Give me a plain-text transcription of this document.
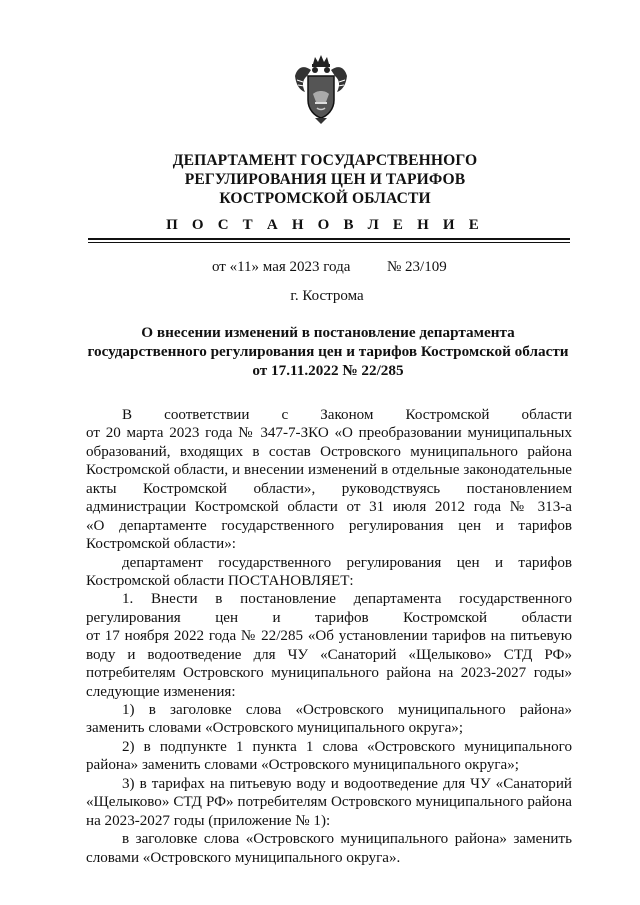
ДЕПАРТАМЕНТ ГОСУДАРСТВЕННОГО
РЕГУЛИРОВАНИЯ ЦЕН И ТАРИФОВ
КОСТРОМСКОЙ ОБЛАСТИ
П О С Т А Н О В Л Е Н И Е
от «11» мая 2023 года № 23/109
г. Кострома
О внесении изменений в постановление департамента
государственного регулирования цен и тарифов Костромской области
от 17.11.2022 № 22/285
В соответствии с Законом Костромской области
от 20 марта 2023 года № 347-7-ЗКО «О преобразовании муниципальных
образований, входящих в состав Островского муниципального района
Костромской области, и внесении изменений в отдельные законодательные
акты Костромской области», руководствуясь постановлением
администрации Костромской области от 31 июля 2012 года № 313-а
«О департаменте государственного регулирования цен и тарифов
Костромской области»:
департамент государственного регулирования цен и тарифов
Костромской области ПОСТАНОВЛЯЕТ:
1. Внести в постановление департамента государственного
регулирования цен и тарифов Костромской области
от 17 ноября 2022 года № 22/285 «Об установлении тарифов на питьевую
воду и водоотведение для ЧУ «Санаторий «Щелыково» СТД РФ»
потребителям Островского муниципального района на 2023-2027 годы»
следующие изменения:
1) в заголовке слова «Островского муниципального района»
заменить словами «Островского муниципального округа»;
2) в подпункте 1 пункта 1 слова «Островского муниципального
района» заменить словами «Островского муниципального округа»;
3) в тарифах на питьевую воду и водоотведение для ЧУ «Санаторий
«Щелыково» СТД РФ» потребителям Островского муниципального района
на 2023-2027 годы (приложение № 1):
в заголовке слова «Островского муниципального района» заменить
словами «Островского муниципального округа».
